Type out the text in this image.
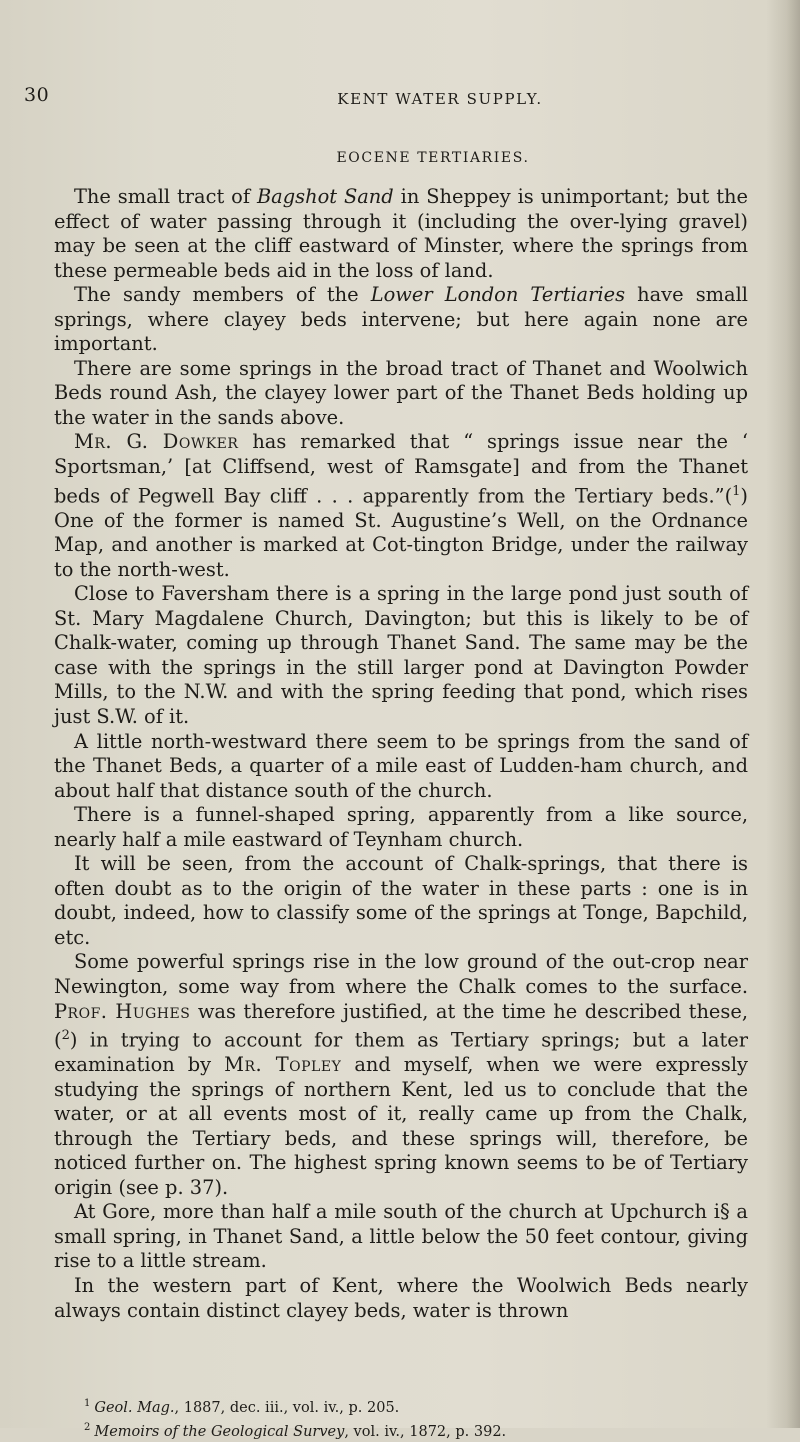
30	KENT WATER SUPPLY.
EOCENE TERTIARIES.

The small tract of Bagshot Sand in Sheppey is unimportant; but the effect of water passing through it (including the over-lying gravel) may be seen at the cliff eastward of Minster, where the springs from these permeable beds aid in the loss of land.

The sandy members of the Lower London Tertiaries have small springs, where clayey beds intervene; but here again none are important.

There are some springs in the broad tract of Thanet and Woolwich Beds round Ash, the clayey lower part of the Thanet Beds holding up the water in the sands above.

Mr. G. Dowker has remarked that “ springs issue near the ‘ Sportsman,’ [at Cliffsend, west of Ramsgate] and from the Thanet beds of Pegwell Bay cliff . . . apparently from the Tertiary beds.”($^1$) One of the former is named St. Augustine’s Well, on the Ordnance Map, and another is marked at Cot-tington Bridge, under the railway to the north-west.

Close to Faversham there is a spring in the large pond just south of St. Mary Magdalene Church, Davington; but this is likely to be of Chalk-water, coming up through Thanet Sand. The same may be the case with the springs in the still larger pond at Davington Powder Mills, to the N.W. and with the spring feeding that pond, which rises just S.W. of it.

A little north-westward there seem to be springs from the sand of the Thanet Beds, a quarter of a mile east of Ludden-ham church, and about half that distance south of the church.

There is a funnel-shaped spring, apparently from a like source, nearly half a mile eastward of Teynham church.

It will be seen, from the account of Chalk-springs, that there is often doubt as to the origin of the water in these parts : one is in doubt, indeed, how to classify some of the springs at Tonge, Bapchild, etc.

Some powerful springs rise in the low ground of the out-crop near Newington, some way from where the Chalk comes to the surface. Prof. Hughes was therefore justified, at the time he described these,($^2$) in trying to account for them as Tertiary springs; but a later examination by Mr. Topley and myself, when we were expressly studying the springs of northern Kent, led us to conclude that the water, or at all events most of it, really came up from the Chalk, through the Tertiary beds, and these springs will, therefore, be noticed further on. The highest spring known seems to be of Tertiary origin (see p. 37).

At Gore, more than half a mile south of the church at Upchurch i§ a small spring, in Thanet Sand, a little below the 50 feet contour, giving rise to a little stream.

In the western part of Kent, where the Woolwich Beds nearly always contain distinct clayey beds, water is thrown

$^1$ Geol. Mag., 1887, dec. iii., vol. iv., p. 205.

$^2$ Memoirs of the Geological Survey, vol. iv., 1872, p. 392.
